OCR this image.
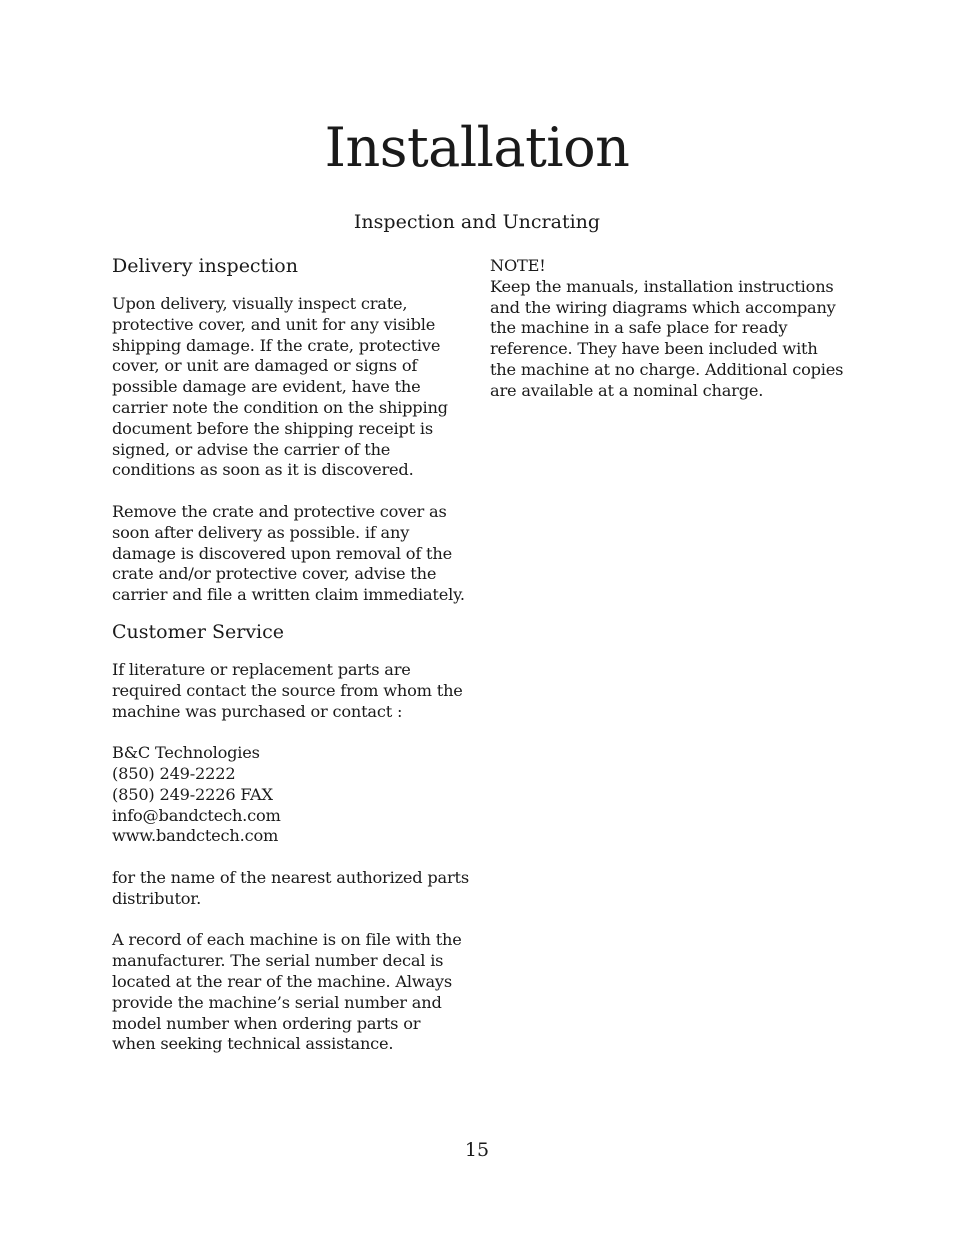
Installation
Inspection and Uncrating
Delivery inspection

Upon delivery, visually inspect crate,
protective cover, and unit for any visible
shipping damage. If the crate, protective
cover, or unit are damaged or signs of
possible damage are evident, have the
carrier note the condition on the shipping
document before the shipping receipt is
signed, or advise the carrier of the
conditions as soon as it is discovered.

Remove the crate and protective cover as
soon after delivery as possible. if any
damage is discovered upon removal of the
crate and/or protective cover, advise the
carrier and file a written claim immediately.

Customer Service

If literature or replacement parts are
required contact the source from whom the
machine was purchased or contact :

B&C Technologies
(850) 249-2222
(850) 249-2226 FAX
info@bandctech.com
www.bandctech.com

for the name of the nearest authorized parts
distributor.

A record of each machine is on file with the
manufacturer. The serial number decal is
located at the rear of the machine. Always
provide the machine’s serial number and
model number when ordering parts or
when seeking technical assistance.

NOTE!
Keep the manuals, installation instructions
and the wiring diagrams which accompany
the machine in a safe place for ready
reference. They have been included with
the machine at no charge. Additional copies
are available at a nominal charge.

15
